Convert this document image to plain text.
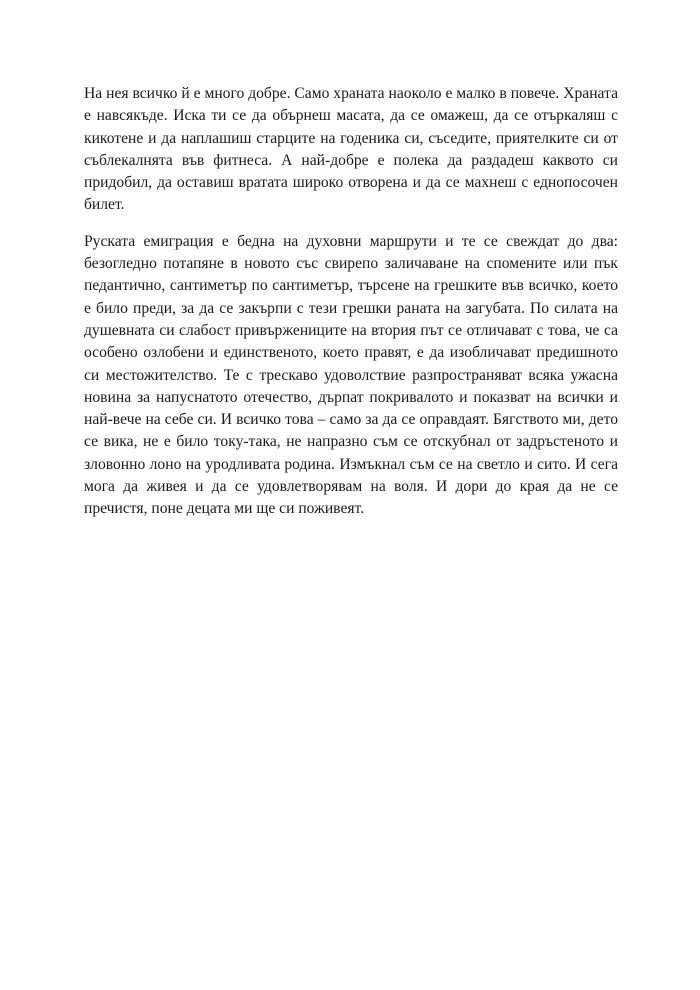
На нея всичко й е много добре. Само храната наоколо е малко в повече. Храната е навсякъде. Иска ти се да обърнеш масата, да се омажеш, да се отъркаляш с кикотене и да наплашиш старците на годеника си, съседите, приятелките си от съблекалнята във фитнеса. А най-добре е полека да раздадеш каквото си придобил, да оставиш вратата широко отворена и да се махнеш с еднопосочен билет.

Руската емиграция е бедна на духовни маршрути и те се свеждат до два: безогледно потапяне в новото със свирепо заличаване на спомените или пък педантично, сантиметър по сантиметър, търсене на грешките във всичко, което е било преди, за да се закърпи с тези грешки раната на загубата. По силата на душевната си слабост привържениците на втория път се отличават с това, че са особено озлобени и единственото, което правят, е да изобличават предишното си местожителство. Те с трескаво удоволствие разпространяват всяка ужасна новина за напуснатото отечество, дърпат покривалото и показват на всички и най-вече на себе си. И всичко това – само за да се оправдаят. Бягството ми, дето се вика, не е било току-така, не напразно съм се отскубнал от задръстеното и зловонно лоно на уродливата родина. Измъкнал съм се на светло и сито. И сега мога да живея и да се удовлетворявам на воля. И дори до края да не се пречистя, поне децата ми ще си поживеят.
